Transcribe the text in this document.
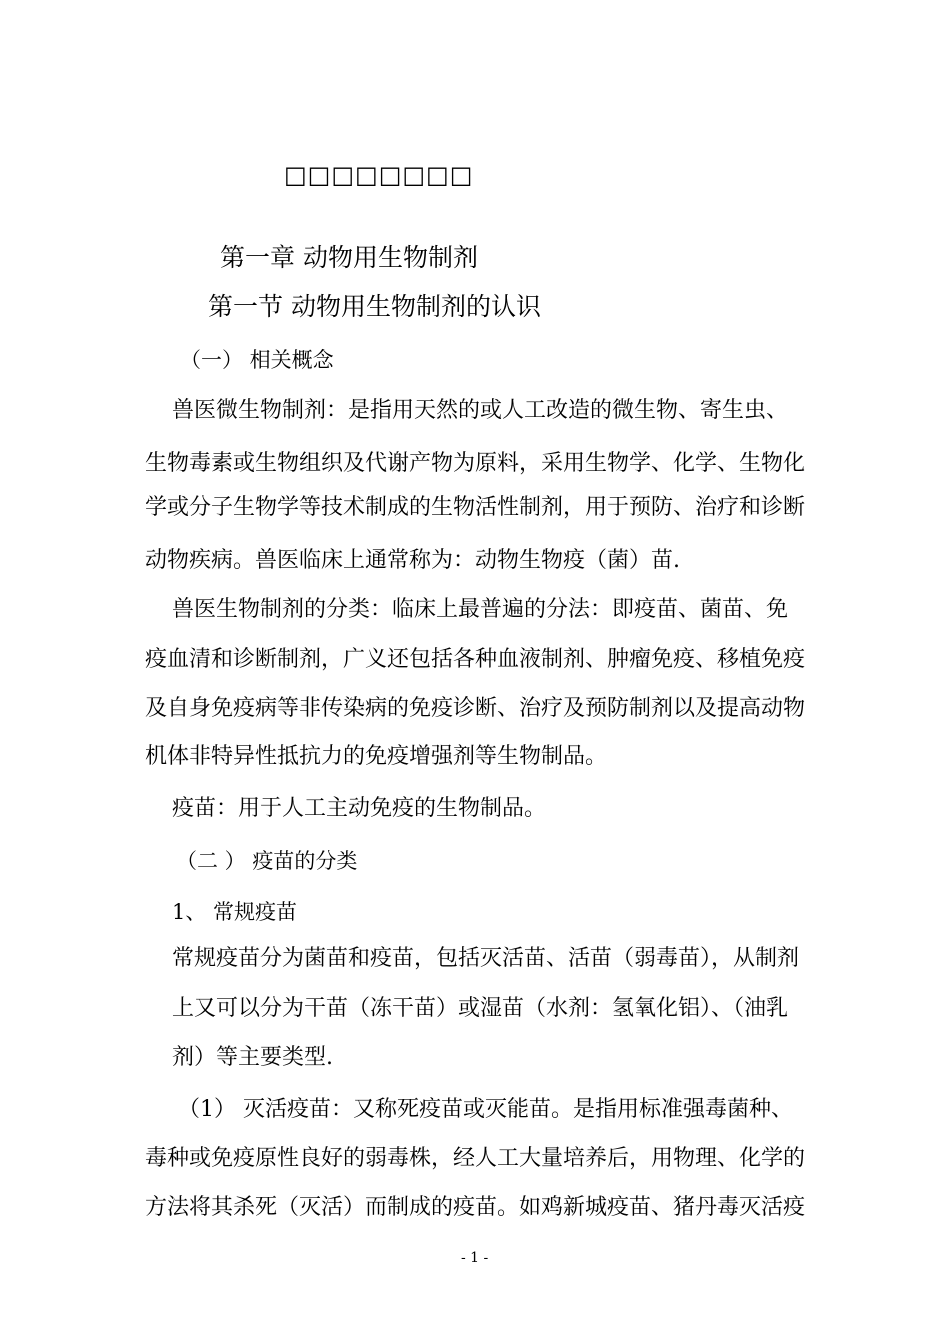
□□□□□□□□
第一章 动物用生物制剂
第一节 动物用生物制剂的认识
（一） 相关概念
兽医微生物制剂：是指用天然的或人工改造的微生物、寄生虫、
生物毒素或生物组织及代谢产物为原料，采用生物学、化学、生物化
学或分子生物学等技术制成的生物活性制剂，用于预防、治疗和诊断
动物疾病。兽医临床上通常称为：动物生物疫（菌）苗.
兽医生物制剂的分类：临床上最普遍的分法：即疫苗、菌苗、免
疫血清和诊断制剂，广义还包括各种血液制剂、肿瘤免疫、移植免疫
及自身免疫病等非传染病的免疫诊断、治疗及预防制剂以及提高动物
机体非特异性抵抗力的免疫增强剂等生物制品。
疫苗：用于人工主动免疫的生物制品。
（二 ） 疫苗的分类
1、 常规疫苗
常规疫苗分为菌苗和疫苗，包括灭活苗、活苗（弱毒苗），从制剂
上又可以分为干苗（冻干苗）或湿苗（水剂：氢氧化铝）、（油乳
剂）等主要类型.
（1） 灭活疫苗：又称死疫苗或灭能苗。是指用标准强毒菌种、
毒种或免疫原性良好的弱毒株，经人工大量培养后，用物理、化学的
方法将其杀死（灭活）而制成的疫苗。如鸡新城疫苗、猪丹毒灭活疫
- 1 -
